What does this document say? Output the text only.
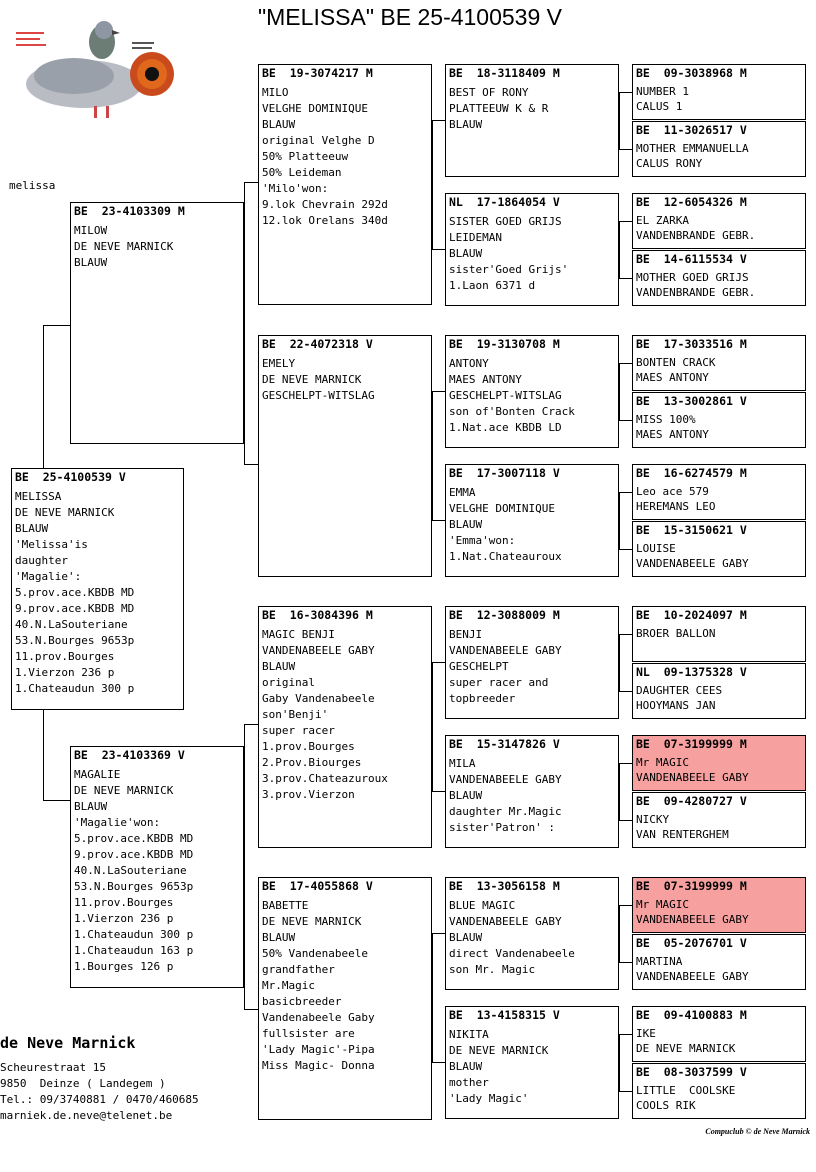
"MELISSA" BE 25-4100539 V
melissa
BE  25-4100539 V
MELISSA
DE NEVE MARNICK
BLAUW
'Melissa'is
daughter
'Magalie':
5.prov.ace.KBDB MD
9.prov.ace.KBDB MD
40.N.LaSouteriane
53.N.Bourges 9653p
11.prov.Bourges
1.Vierzon 236 p
1.Chateaudun 300 p
BE  23-4103309 M
MILOW
DE NEVE MARNICK
BLAUW
BE  23-4103369 V
MAGALIE
DE NEVE MARNICK
BLAUW
'Magalie'won:
5.prov.ace.KBDB MD
9.prov.ace.KBDB MD
40.N.LaSouteriane
53.N.Bourges 9653p
11.prov.Bourges
1.Vierzon 236 p
1.Chateaudun 300 p
1.Chateaudun 163 p
1.Bourges 126 p
BE  19-3074217 M
MILO
VELGHE DOMINIQUE
BLAUW
original Velghe D
50% Platteeuw
50% Leideman
'Milo'won:
9.lok Chevrain 292d
12.lok Orelans 340d
BE  22-4072318 V
EMELY
DE NEVE MARNICK
GESCHELPT-WITSLAG
BE  16-3084396 M
MAGIC BENJI
VANDENABEELE GABY
BLAUW
original
Gaby Vandenabeele
son'Benji'
super racer
1.prov.Bourges
2.Prov.Biourges
3.prov.Chateazuroux
3.prov.Vierzon
BE  17-4055868 V
BABETTE
DE NEVE MARNICK
BLAUW
50% Vandenabeele
grandfather
Mr.Magic
basicbreeder
Vandenabeele Gaby
fullsister are
'Lady Magic'-Pipa
Miss Magic- Donna
BE  18-3118409 M
BEST OF RONY
PLATTEEUW K & R
BLAUW
NL  17-1864054 V
SISTER GOED GRIJS
LEIDEMAN
BLAUW
sister'Goed Grijs'
1.Laon 6371 d
BE  19-3130708 M
ANTONY
MAES ANTONY
GESCHELPT-WITSLAG
son of'Bonten Crack
1.Nat.ace KBDB LD
BE  17-3007118 V
EMMA
VELGHE DOMINIQUE
BLAUW
'Emma'won:
1.Nat.Chateauroux
BE  12-3088009 M
BENJI
VANDENABEELE GABY
GESCHELPT
super racer and
topbreeder
BE  15-3147826 V
MILA
VANDENABEELE GABY
BLAUW
daughter Mr.Magic
sister'Patron' :
BE  13-3056158 M
BLUE MAGIC
VANDENABEELE GABY
BLAUW
direct Vandenabeele
son Mr. Magic
BE  13-4158315 V
NIKITA
DE NEVE MARNICK
BLAUW
mother
'Lady Magic'
BE  09-3038968 M
NUMBER 1
CALUS 1
BE  11-3026517 V
MOTHER EMMANUELLA
CALUS RONY
BE  12-6054326 M
EL ZARKA
VANDENBRANDE GEBR.
BE  14-6115534 V
MOTHER GOED GRIJS
VANDENBRANDE GEBR.
BE  17-3033516 M
BONTEN CRACK
MAES ANTONY
BE  13-3002861 V
MISS 100%
MAES ANTONY
BE  16-6274579 M
Leo ace 579
HEREMANS LEO
BE  15-3150621 V
LOUISE
VANDENABEELE GABY
BE  10-2024097 M
BROER BALLON
NL  09-1375328 V
DAUGHTER CEES
HOOYMANS JAN
BE  07-3199999 M
Mr MAGIC
VANDENABEELE GABY
BE  09-4280727 V
NICKY
VAN RENTERGHEM
BE  07-3199999 M
Mr MAGIC
VANDENABEELE GABY
BE  05-2076701 V
MARTINA
VANDENABEELE GABY
BE  09-4100883 M
IKE
DE NEVE MARNICK
BE  08-3037599 V
LITTLE  COOLSKE
COOLS RIK
de Neve Marnick
Scheurestraat 15
9850  Deinze ( Landegem )
Tel.: 09/3740881 / 0470/460685
marniek.de.neve@telenet.be
Compuclub © de Neve Marnick
